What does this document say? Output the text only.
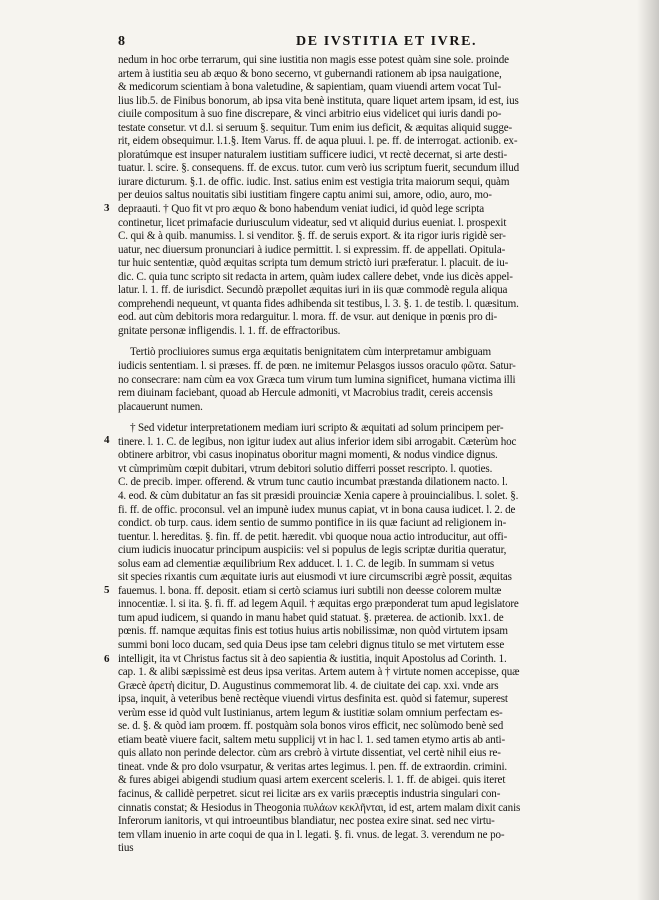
8	DE IVSTITIA ET IVRE.
3
4
5
6
nedum in hoc orbe terrarum, qui sine iustitia non magis esse potest quàm sine sole. proinde
artem à iustitia seu ab æquo & bono secerno, vt gubernandi rationem ab ipsa nauigatione,
& medicorum scientiam à bona valetudine, & sapientiam, quam viuendi artem vocat Tul-
lius lib.5. de Finibus bonorum, ab ipsa vita benè instituta, quare liquet artem ipsam, id est, ius
ciuile compositum à suo fine discrepare, & vinci arbitrio eius videlicet qui iuris dandi po-
testate consetur. vt d.l. si seruum §. sequitur. Tum enim ius deficit, & æquitas aliquid sugge-
rit, eidem obsequimur. l.1.§. Item Varus. ff. de aqua pluui. l. pe. ff. de interrogat. actionib. ex-
ploratúmque est insuper naturalem iustitiam sufficere iudici, vt rectè decernat, si arte desti-
tuatur. l. scire. §. consequens. ff. de excus. tutor. cum verò ius scriptum fuerit, secundum illud
iurare dicturum. §.1. de offic. iudic. Inst. satius enim est vestigia trita maiorum sequi, quàm
per deuios saltus nouitatis sibi iustitiam fingere captu animi sui, amore, odio, auro, mo-
depraauti. † Quo fit vt pro æquo & bono habendum veniat iudici, id quòd lege scripta
continetur, licet primafacie duriusculum videatur, sed vt aliquid durius eueniat. l. prospexit
C. qui & à quib. manumiss. l. si venditor. §. ff. de seruis export. & ita rigor iuris rigidè ser-
uatur, nec diuersum pronunciari à iudice permittit. l. si expressim. ff. de appellati. Opitula-
tur huic sententiæ, quòd æquitas scripta tum demum strictò iuri præferatur. l. placuit. de iu-
dic. C. quia tunc scripto sit redacta in artem, quàm iudex callere debet, vnde ius dicès appel-
latur. l. 1. ff. de iurisdict. Secundò præpollet æquitas iuri in iis quæ commodè regula aliqua
comprehendi nequeunt, vt quanta fides adhibenda sit testibus, l. 3. §. 1. de testib. l. quæsitum.
eod. aut cùm debitoris mora redarguitur. l. mora. ff. de vsur. aut denique in pœnis pro di-
gnitate personæ infligendis. l. 1. ff. de effractoribus.
Tertiò procliuiores sumus erga æquitatis benignitatem cùm interpretamur ambiguam
iudicis sententiam. l. si præses. ff. de pœn. ne imitemur Pelasgos iussos oraculo φῶτα. Satur-
no consecrare: nam cùm ea vox Græca tum virum tum lumina significet, humana victima illi
rem diuinam faciebant, quoad ab Hercule admoniti, vt Macrobius tradit, cereis accensis
placauerunt numen.
† Sed videtur interpretationem mediam iuri scripto & æquitati ad solum principem per-
tinere. l. 1. C. de legibus, non igitur iudex aut alius inferior idem sibi arrogabit. Cæterùm hoc
obtinere arbitror, vbi casus inopinatus oboritur magni momenti, & nodus vindice dignus.
vt cùmprimùm cœpit dubitari, vtrum debitori solutio differri posset rescripto. l. quoties.
C. de precib. imper. offerend. & vtrum tunc cautio incumbat præstanda dilationem nacto. l.
4. eod. & cùm dubitatur an fas sit præsidi prouinciæ Xenia capere à prouincialibus. l. solet. §.
fi. ff. de offic. proconsul. vel an impunè iudex munus capiat, vt in bona causa iudicet. l. 2. de
condict. ob turp. caus. idem sentio de summo pontifice in iis quæ faciunt ad religionem in-
tuentur. l. hereditas. §. fin. ff. de petit. hæredit. vbi quoque noua actio introducitur, aut offi-
cium iudicis inuocatur principum auspiciis: vel si populus de legis scriptæ duritia queratur,
solus eam ad clementiæ æquilibrium Rex adducet. l. 1. C. de legib. In summam si vetus
sit species rixantis cum æquitate iuris aut eiusmodi vt iure circumscribi ægrè possit, æquitas
fauemus. l. bona. ff. deposit. etiam si certò sciamus iuri subtili non deesse colorem multæ
innocentiæ. l. si ita. §. fi. ff. ad legem Aquil. † æquitas ergo præponderat tum apud legislatore
tum apud iudicem, si quando in manu habet quid statuat. §. præterea. de actionib. lxx1. de
pœnis. ff. namque æquitas finis est totius huius artis nobilissimæ, non quòd virtutem ipsam
summi boni loco ducam, sed quia Deus ipse tam celebri dignus titulo se met virtutem esse
intelligit, ita vt Christus factus sit à deo sapientia & iustitia, inquit Apostolus ad Corinth. 1.
cap. 1. & alibi sæpissimè est deus ipsa veritas. Artem autem à † virtute nomen accepisse, quæ
Græcè ἀρετὴ dicitur, D. Augustinus commemorat lib. 4. de ciuitate dei cap. xxi. vnde ars
ipsa, inquit, à veteribus benè rectèque viuendi virtus desfinita est. quòd si fatemur, superest
verùm esse id quòd vult Iustinianus, artem legum & iustitiæ solam omnium perfectam es-
se. d. §. & quòd iam proœm. ff. postquàm sola bonos viros efficit, nec solùmodo benè sed
etiam beatè viuere facit, saltem metu supplicij vt in hac l. 1. sed tamen etymo artis ab anti-
quis allato non perinde delector. cùm ars crebrò à virtute dissentiat, vel certè nihil eius re-
tineat. vnde & pro dolo vsurpatur, & veritas artes legimus. l. pen. ff. de extraordin. crimini.
& fures abigei abigendi studium quasi artem exercent sceleris. l. 1. ff. de abigei. quis iteret
facinus, & callidè perpetret. sicut rei licitæ ars ex variis præceptis industria singulari con-
cinnatis constat; & Hesiodus in Theogonia πυλάων κεκλῆνται, id est, artem malam dixit canis
Inferorum ianitoris, vt qui introeuntibus blandiatur, nec postea exire sinat. sed nec virtu-
tem vllam inuenio in arte coqui de qua in l. legati. §. fi. vnus. de legat. 3. verendum ne po-
tius
